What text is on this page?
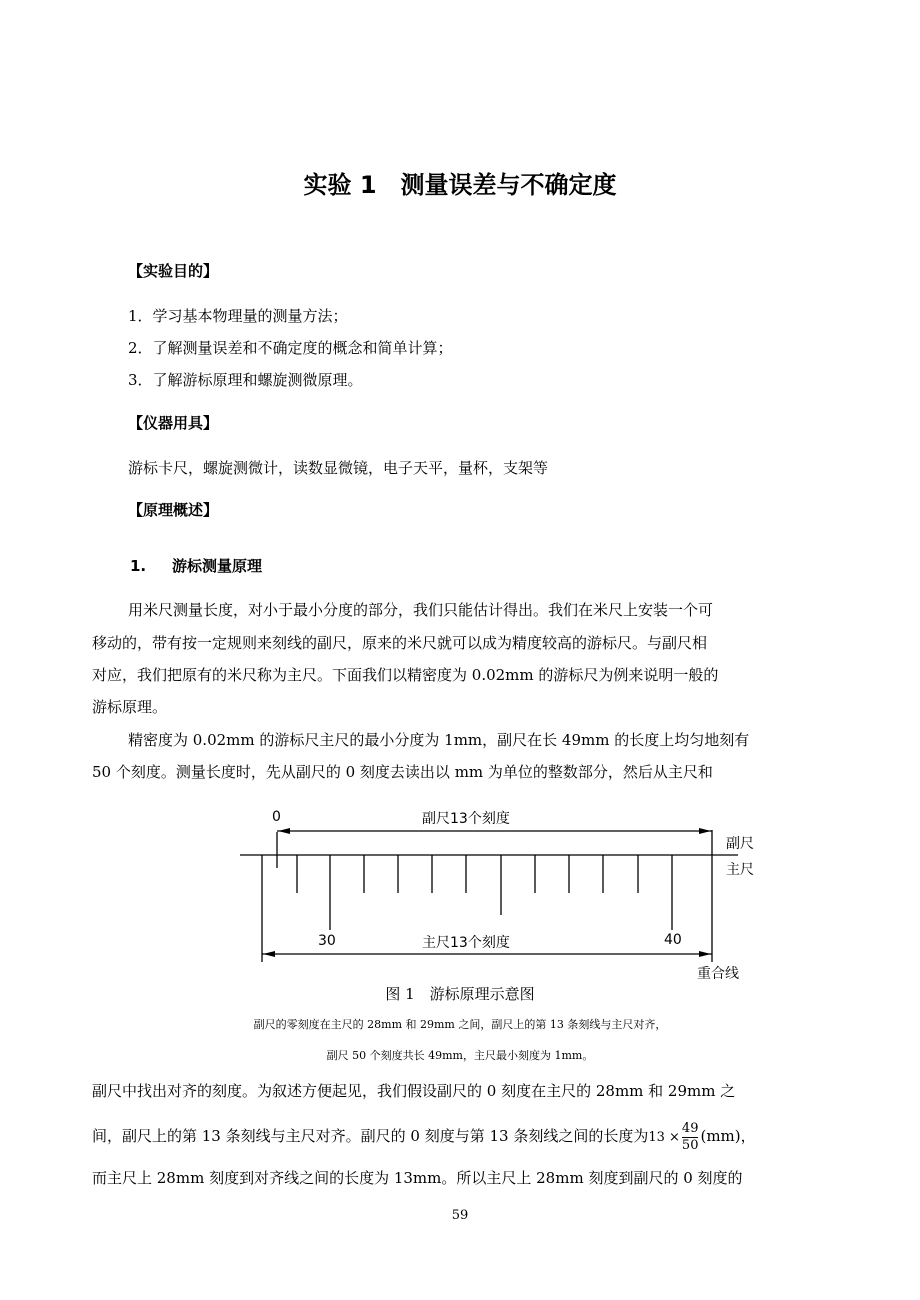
实验 1　测量误差与不确定度
【实验目的】
1．学习基本物理量的测量方法；
2．了解测量误差和不确定度的概念和简单计算；
3．了解游标原理和螺旋测微原理。
【仪器用具】
游标卡尺，螺旋测微计，读数显微镜，电子天平，量杯，支架等
【原理概述】
1. 游标测量原理
用米尺测量长度，对小于最小分度的部分，我们只能估计得出。我们在米尺上安装一个可
移动的，带有按一定规则来刻线的副尺，原来的米尺就可以成为精度较高的游标尺。与副尺相
对应，我们把原有的米尺称为主尺。下面我们以精密度为 0.02mm 的游标尺为例来说明一般的
游标原理。
精密度为 0.02mm 的游标尺主尺的最小分度为 1mm，副尺在长 49mm 的长度上均匀地刻有
50 个刻度。测量长度时，先从副尺的 0 刻度去读出以 mm 为单位的整数部分，然后从主尺和
0	副尺13个刻度
副尺
主尺
30	主尺13个刻度	40
重合线
图 1　游标原理示意图
副尺的零刻度在主尺的 28mm 和 29mm 之间，副尺上的第 13 条刻线与主尺对齐，
副尺 50 个刻度共长 49mm，主尺最小刻度为 1mm。
副尺中找出对齐的刻度。为叙述方便起见，我们假设副尺的 0 刻度在主尺的 28mm 和 29mm 之
间，副尺上的第 13 条刻线与主尺对齐。副尺的 0 刻度与第 13 条刻线之间的长度为$13 \times \frac{49}{50} (mm)$，
而主尺上 28mm 刻度到对齐线之间的长度为 13mm。所以主尺上 28mm 刻度到副尺的 0 刻度的
59
